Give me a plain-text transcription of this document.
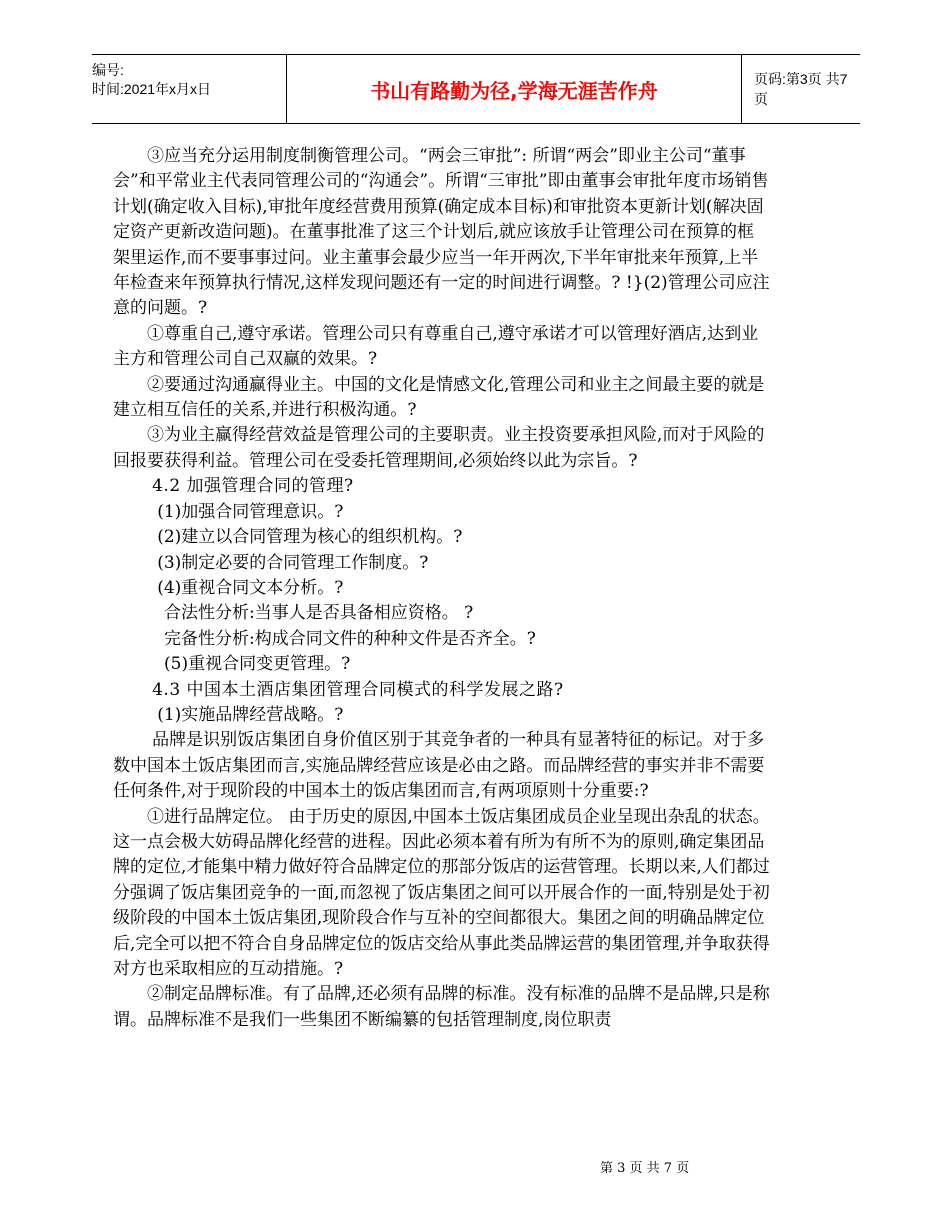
编号:
时间:2021年x月x日	书山有路勤为径,学海无涯苦作舟	页码:第3页 共7页

③应当充分运用制度制衡管理公司。“两会三审批”: 所谓“两会”即业主公司“董事会”和平常业主代表同管理公司的“沟通会”。所谓“三审批”即由董事会审批年度市场销售计划(确定收入目标),审批年度经营费用预算(确定成本目标)和审批资本更新计划(解决固定资产更新改造问题)。在董事批准了这三个计划后,就应该放手让管理公司在预算的框架里运作,而不要事事过问。业主董事会最少应当一年开两次,下半年审批来年预算,上半年检查来年预算执行情况,这样发现问题还有一定的时间进行调整。? !}(2)管理公司应注意的问题。?

①尊重自己,遵守承诺。管理公司只有尊重自己,遵守承诺才可以管理好酒店,达到业主方和管理公司自己双赢的效果。?

②要通过沟通赢得业主。中国的文化是情感文化,管理公司和业主之间最主要的就是建立相互信任的关系,并进行积极沟通。?

③为业主赢得经营效益是管理公司的主要职责。业主投资要承担风险,而对于风险的回报要获得利益。管理公司在受委托管理期间,必须始终以此为宗旨。?

4.2 加强管理合同的管理?

(1)加强合同管理意识。?

(2)建立以合同管理为核心的组织机构。?

(3)制定必要的合同管理工作制度。?

(4)重视合同文本分析。?

合法性分析:当事人是否具备相应资格。 ?

完备性分析:构成合同文件的种种文件是否齐全。?

(5)重视合同变更管理。?

4.3 中国本土酒店集团管理合同模式的科学发展之路?

(1)实施品牌经营战略。?

品牌是识别饭店集团自身价值区别于其竞争者的一种具有显著特征的标记。对于多数中国本土饭店集团而言,实施品牌经营应该是必由之路。而品牌经营的事实并非不需要任何条件,对于现阶段的中国本土的饭店集团而言,有两项原则十分重要:?

①进行品牌定位。 由于历史的原因,中国本土饭店集团成员企业呈现出杂乱的状态。这一点会极大妨碍品牌化经营的进程。因此必须本着有所为有所不为的原则,确定集团品牌的定位,才能集中精力做好符合品牌定位的那部分饭店的运营管理。长期以来,人们都过分强调了饭店集团竞争的一面,而忽视了饭店集团之间可以开展合作的一面,特别是处于初级阶段的中国本土饭店集团,现阶段合作与互补的空间都很大。集团之间的明确品牌定位后,完全可以把不符合自身品牌定位的饭店交给从事此类品牌运营的集团管理,并争取获得对方也采取相应的互动措施。?

②制定品牌标准。有了品牌,还必须有品牌的标准。没有标准的品牌不是品牌,只是称谓。品牌标准不是我们一些集团不断编纂的包括管理制度,岗位职责

第 3 页 共 7 页
